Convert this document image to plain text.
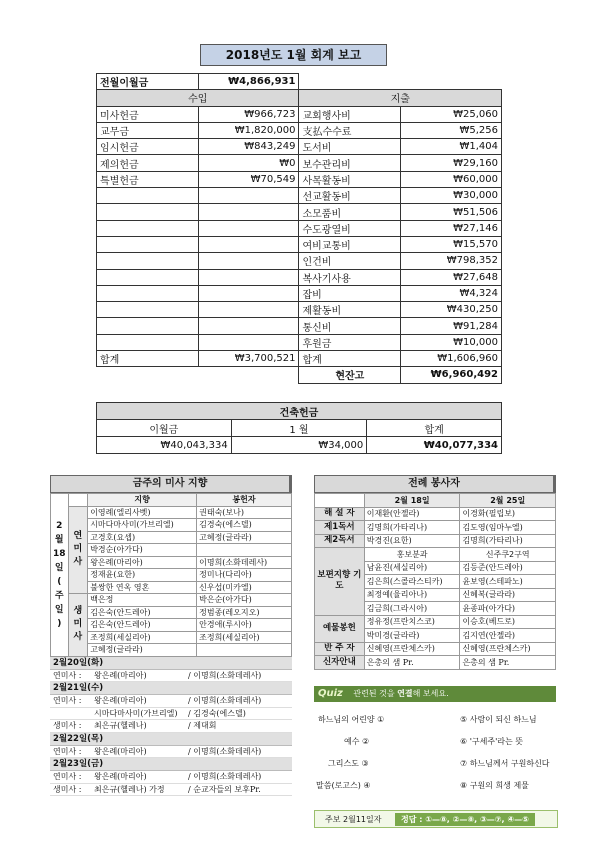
2018년도 1월 회계 보고
전월이월금	₩4,866,931		
수입		지출	
미사헌금	₩966,723	교회행사비	₩25,060
교무금	₩1,820,000	支払수수료	₩5,256
임시헌금	₩843,249	도서비	₩1,404
제의헌금	₩0	보수관리비	₩29,160
특별헌금	₩70,549	사목활동비	₩60,000
		선교활동비	₩30,000
		소모품비	₩51,506
		수도광열비	₩27,146
		여비교통비	₩15,570
		인건비	₩798,352
		복사기사용	₩27,648
		잡비	₩4,324
		제활동비	₩430,250
		통신비	₩91,284
		후원금	₩10,000
합계	₩3,700,521	합계	₩1,606,960
		현잔고	₩6,960,492
건축헌금		
이월금	1 월	합계
₩40,043,334	₩34,000	₩40,077,334
금주의 미사 지향
2 월 18 일 ( 주 일 )		지향	봉헌자
	연 미 사	이영례(엘리사벳)	권태숙(보나)
		시마다마사미(가브리엘)	김경숙(에스델)
		고경호(요셉)	고혜정(글라라)
		박경순(아가다)	
		왕은례(마리아)	이명희(소화데레사)
		정재윤(요한)	정미나(다리아)
		불쌍한 연옥 영혼	신우섭(미카엘)
	생 미 사	백은정	박은순(아가다)
		김은숙(안드레아)	정범종(레오지오)
		김은숙(안드레아)	안경애(루시아)
		조정희(세실리아)	조정희(세실리아)
		고혜정(글라라)	
2월20일(화)
연미사 : 왕은례(마리아)	/ 이명희(소화데레사)
2월21일(수)
연미사 : 왕은례(마리아)	/ 이명희(소화데레사)
시마다마사미(가브리엘) / 김경숙(에스델)
생미사 : 최은규(헬레나)	/ 제대회
2월22일(목)
연미사 : 왕은례(마리아)	/ 이명희(소화데레사)
2월23일(금)
연미사 : 왕은례(마리아)	/ 이명희(소화데레사)
생미사 : 최은규(헬레나) 가정	/ 순교자들의 보후Pr.
전례 봉사자
	2월 18일	2월 25일
해 설 자	이재환(안젤라)	이경화(필립보)
제1독서	김명희(가타리나)	김도영(임마누엘)
제2독서	박경진(요한)	김명희(가타리나)
보편지향 기 도	홍보분과	신주쿠2구역
	남윤진(세실리아)	김등준(안드레아)
	김은희(스콜라스티카)	윤보영(스테파노)
	최정예(율리아나)	신혜복(글라라)
	김금희(그라시아)	윤종파(아가다)
예물봉헌	정유정(프란치스코)	이승호(베드로)
	박미경(글라라)	김지연(안젤라)
반 주 자	신혜영(프란체스카)	신혜영(프란체스카)
신자안내	은총의 샘 Pr.	은총의 샘 Pr.
Quiz 관련된 것을 연결해 보세요.
하느님의 어린양 ①
예수 ②
그리스도 ③
말씀(로고스) ④
⑤ 사람이 되신 하느님
⑥ '구세주'라는 뜻
⑦ 하느님께서 구원하신다
⑧ 구원의 희생 제물
주보 2월11일자	정답 : ①—⑧, ②—⑧, ③—⑦, ④—⑤
